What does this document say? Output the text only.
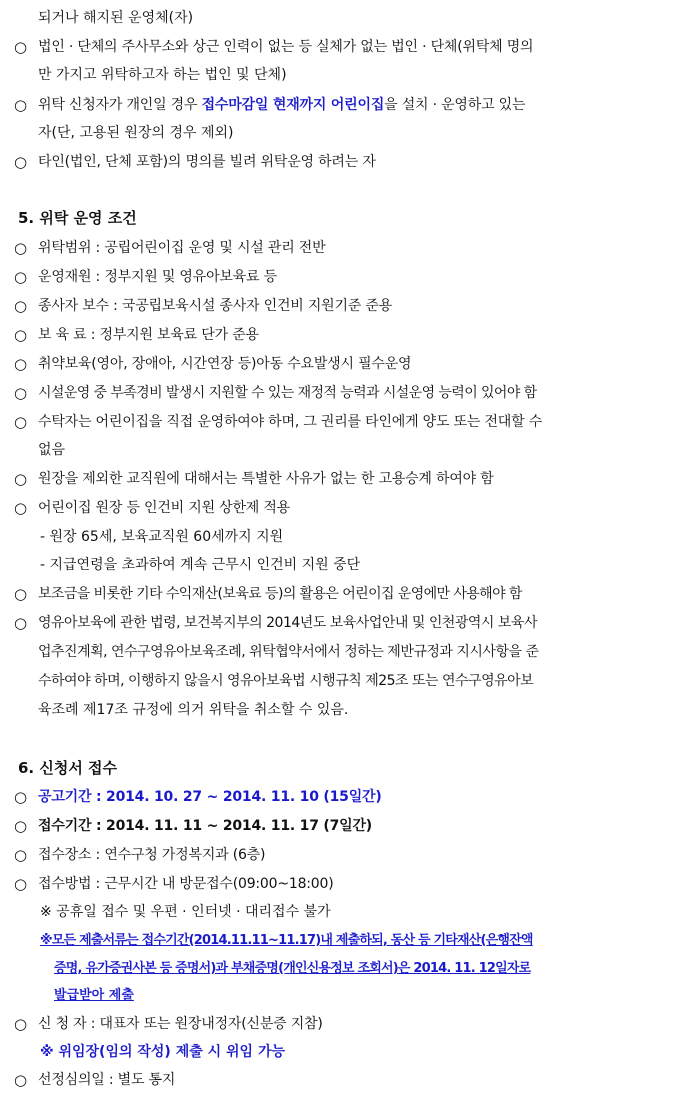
되거나 해지된 운영체(자)
○ 법인 · 단체의 주사무소와 상근 인력이 없는 등 실체가 없는 법인 · 단체(위탁체 명의
만 가지고 위탁하고자 하는 법인 및 단체)
○ 위탁 신청자가 개인일 경우 접수마감일 현재까지 어린이집을 설치 · 운영하고 있는
자(단, 고용된 원장의 경우 제외)
○ 타인(법인, 단체 포함)의 명의를 빌려 위탁운영 하려는 자
5. 위탁 운영 조건
○ 위탁범위 : 공립어린이집 운영 및 시설 관리 전반
○ 운영재원 : 정부지원 및 영유아보육료 등
○ 종사자 보수 : 국공립보육시설 종사자 인건비 지원기준 준용
○ 보 육 료 : 정부지원 보육료 단가 준용
○ 취약보육(영아, 장애아, 시간연장 등)아동 수요발생시 필수운영
○ 시설운영 중 부족경비 발생시 지원할 수 있는 재정적 능력과 시설운영 능력이 있어야 함
○ 수탁자는 어린이집을 직접 운영하여야 하며, 그 권리를 타인에게 양도 또는 전대할 수
없음
○ 원장을 제외한 교직원에 대해서는 특별한 사유가 없는 한 고용승계 하여야 함
○ 어린이집 원장 등 인건비 지원 상한제 적용
- 원장 65세, 보육교직원 60세까지 지원
- 지급연령을 초과하여 계속 근무시 인건비 지원 중단
○ 보조금을 비롯한 기타 수익재산(보육료 등)의 활용은 어린이집 운영에만 사용해야 함
○ 영유아보육에 관한 법령, 보건복지부의 2014년도 보육사업안내 및 인천광역시 보육사
업추진계획, 연수구영유아보육조례, 위탁협약서에서 정하는 제반규정과 지시사항을 준
수하여야 하며, 이행하지 않을시 영유아보육법 시행규칙 제25조 또는 연수구영유아보
육조례 제17조 규정에 의거 위탁을 취소할 수 있음.
6. 신청서 접수
○ 공고기간 : 2014. 10. 27 ~ 2014. 11. 10 (15일간)
○ 접수기간 : 2014. 11. 11 ~ 2014. 11. 17 (7일간)
○ 접수장소 : 연수구청 가정복지과 (6층)
○ 접수방법 : 근무시간 내 방문접수(09:00~18:00)
※ 공휴일 접수 및 우편 · 인터넷 · 대리접수 불가
※모든 제출서류는 접수기간(2014.11.11~11.17)내 제출하되, 동산 등 기타재산(은행잔액
증명, 유가증권사본 등 증명서)과 부채증명(개인신용정보 조회서)은 2014. 11. 12일자로
발급받아 제출
○ 신 청 자 : 대표자 또는 원장내정자(신분증 지참)
※ 위임장(임의 작성) 제출 시 위임 가능
○ 선정심의일 : 별도 통지
